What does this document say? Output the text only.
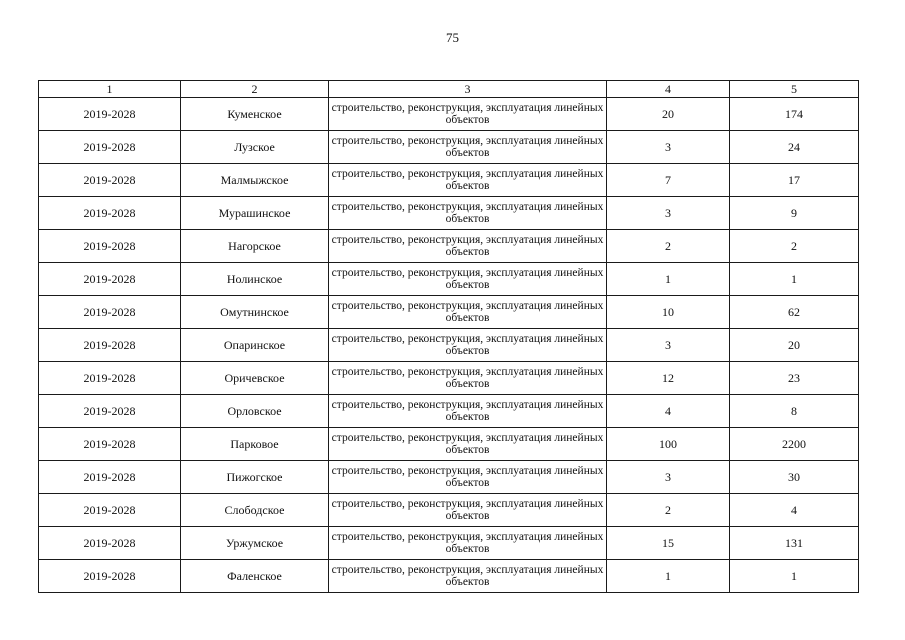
75
1	2	3	4	5
2019-2028	Куменское	строительство, реконструкция, эксплуатация линейных объектов	20	174
2019-2028	Лузское	строительство, реконструкция, эксплуатация линейных объектов	3	24
2019-2028	Малмыжское	строительство, реконструкция, эксплуатация линейных объектов	7	17
2019-2028	Мурашинское	строительство, реконструкция, эксплуатация линейных объектов	3	9
2019-2028	Нагорское	строительство, реконструкция, эксплуатация линейных объектов	2	2
2019-2028	Нолинское	строительство, реконструкция, эксплуатация линейных объектов	1	1
2019-2028	Омутнинское	строительство, реконструкция, эксплуатация линейных объектов	10	62
2019-2028	Опаринское	строительство, реконструкция, эксплуатация линейных объектов	3	20
2019-2028	Оричевское	строительство, реконструкция, эксплуатация линейных объектов	12	23
2019-2028	Орловское	строительство, реконструкция, эксплуатация линейных объектов	4	8
2019-2028	Парковое	строительство, реконструкция, эксплуатация линейных объектов	100	2200
2019-2028	Пижогское	строительство, реконструкция, эксплуатация линейных объектов	3	30
2019-2028	Слободское	строительство, реконструкция, эксплуатация линейных объектов	2	4
2019-2028	Уржумское	строительство, реконструкция, эксплуатация линейных объектов	15	131
2019-2028	Фаленское	строительство, реконструкция, эксплуатация линейных объектов	1	1
